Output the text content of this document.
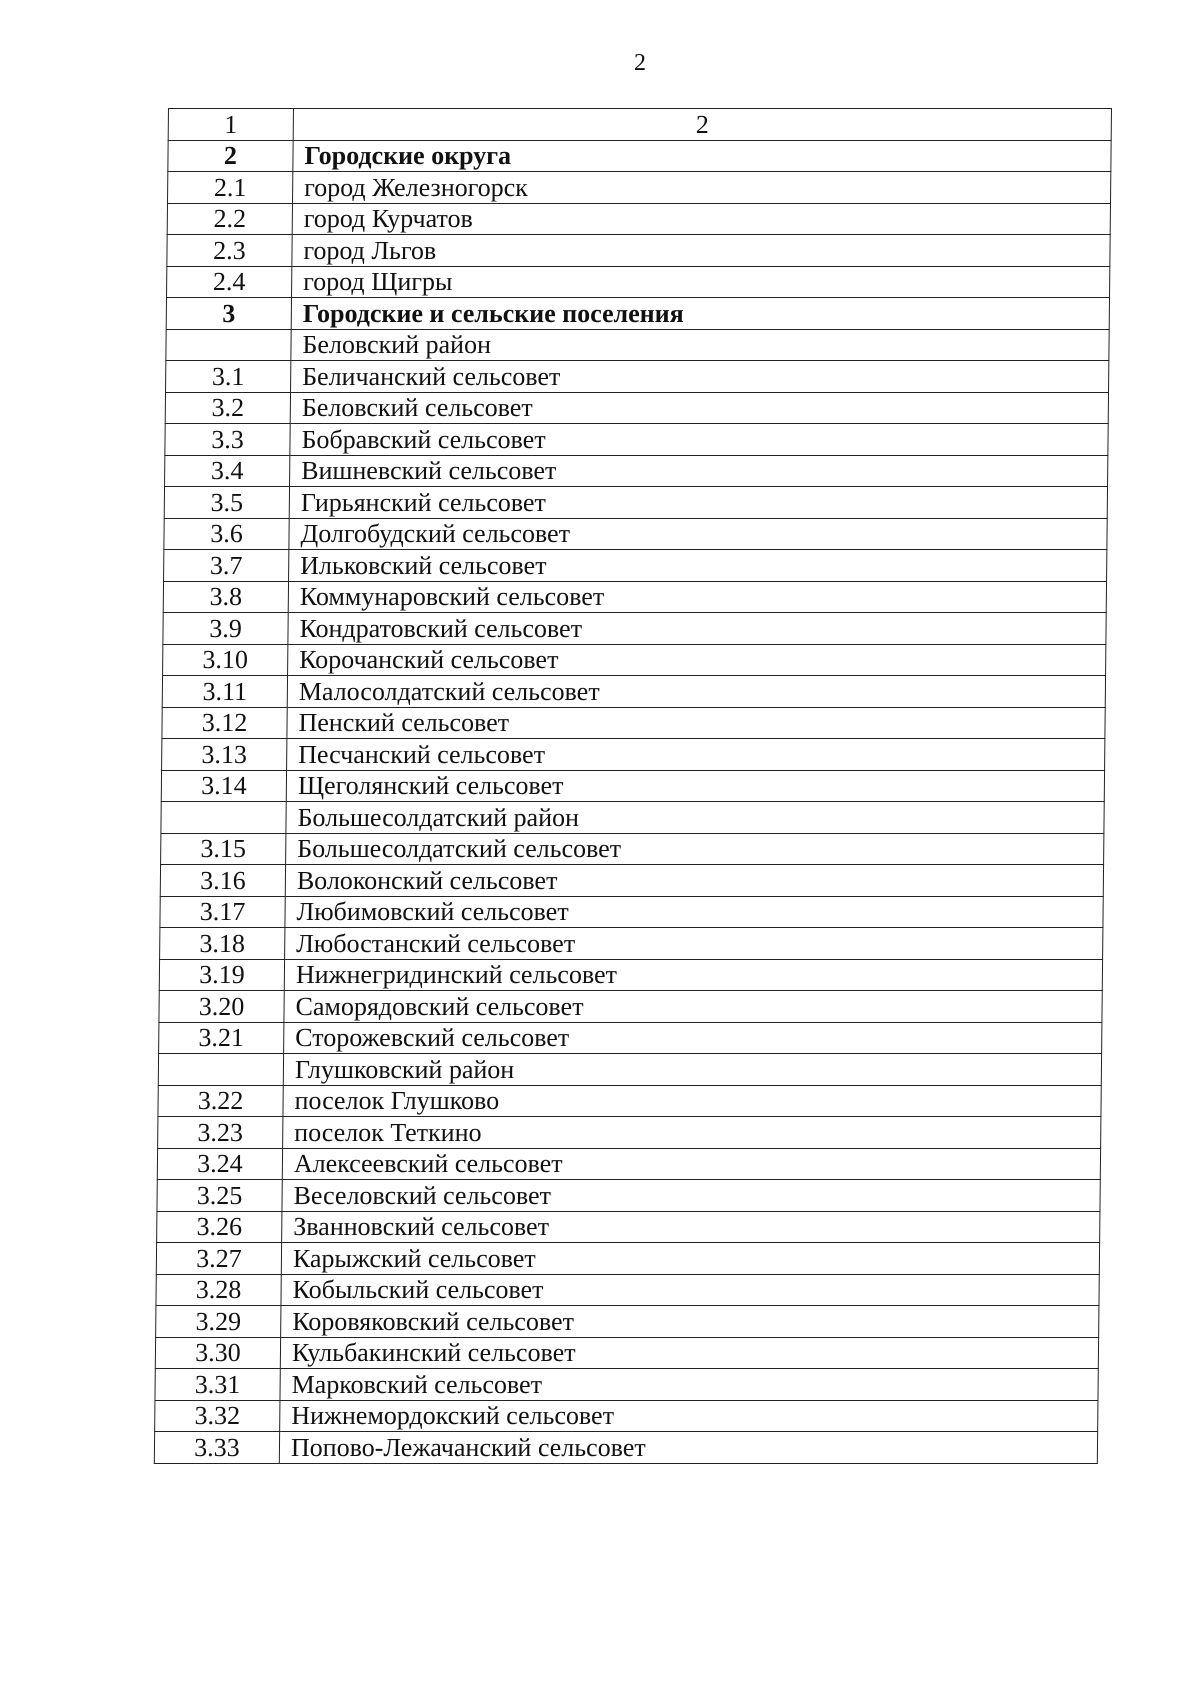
2
1	2
2	Городские округа
2.1	город Железногорск
2.2	город Курчатов
2.3	город Льгов
2.4	город Щигры
3	Городские и сельские поселения
	Беловский район
3.1	Беличанский сельсовет
3.2	Беловский сельсовет
3.3	Бобравский сельсовет
3.4	Вишневский сельсовет
3.5	Гирьянский сельсовет
3.6	Долгобудский сельсовет
3.7	Ильковский сельсовет
3.8	Коммунаровский сельсовет
3.9	Кондратовский сельсовет
3.10	Корочанский сельсовет
3.11	Малосолдатский сельсовет
3.12	Пенский сельсовет
3.13	Песчанский сельсовет
3.14	Щеголянский сельсовет
	Большесолдатский район
3.15	Большесолдатский сельсовет
3.16	Волоконский сельсовет
3.17	Любимовский сельсовет
3.18	Любостанский сельсовет
3.19	Нижнегридинский сельсовет
3.20	Саморядовский сельсовет
3.21	Сторожевский сельсовет
	Глушковский район
3.22	поселок Глушково
3.23	поселок Теткино
3.24	Алексеевский сельсовет
3.25	Веселовский сельсовет
3.26	Званновский сельсовет
3.27	Карыжский сельсовет
3.28	Кобыльский сельсовет
3.29	Коровяковский сельсовет
3.30	Кульбакинский сельсовет
3.31	Марковский сельсовет
3.32	Нижнемордокский сельсовет
3.33	Попово-Лежачанский сельсовет
